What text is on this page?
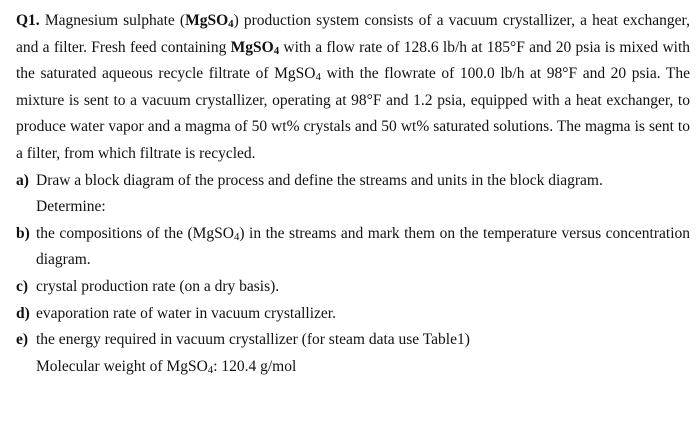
Q1. Magnesium sulphate (MgSO$_4$) production system consists of a vacuum crystallizer, a heat exchanger, and a filter. Fresh feed containing MgSO$_4$ with a flow rate of 128.6 lb/h at 185°F and 20 psia is mixed with the saturated aqueous recycle filtrate of MgSO$_4$ with the flowrate of 100.0 lb/h at 98°F and 20 psia. The mixture is sent to a vacuum crystallizer, operating at 98°F and 1.2 psia, equipped with a heat exchanger, to produce water vapor and a magma of 50 wt% crystals and 50 wt% saturated solutions. The magma is sent to a filter, from which filtrate is recycled.

a) Draw a block diagram of the process and define the streams and units in the block diagram.

Determine:

b) the compositions of the (MgSO$_4$) in the streams and mark them on the temperature versus concentration diagram.

c) crystal production rate (on a dry basis).

d) evaporation rate of water in vacuum crystallizer.

e) the energy required in vacuum crystallizer (for steam data use Table1)

Molecular weight of MgSO$_4$: 120.4 g/mol
